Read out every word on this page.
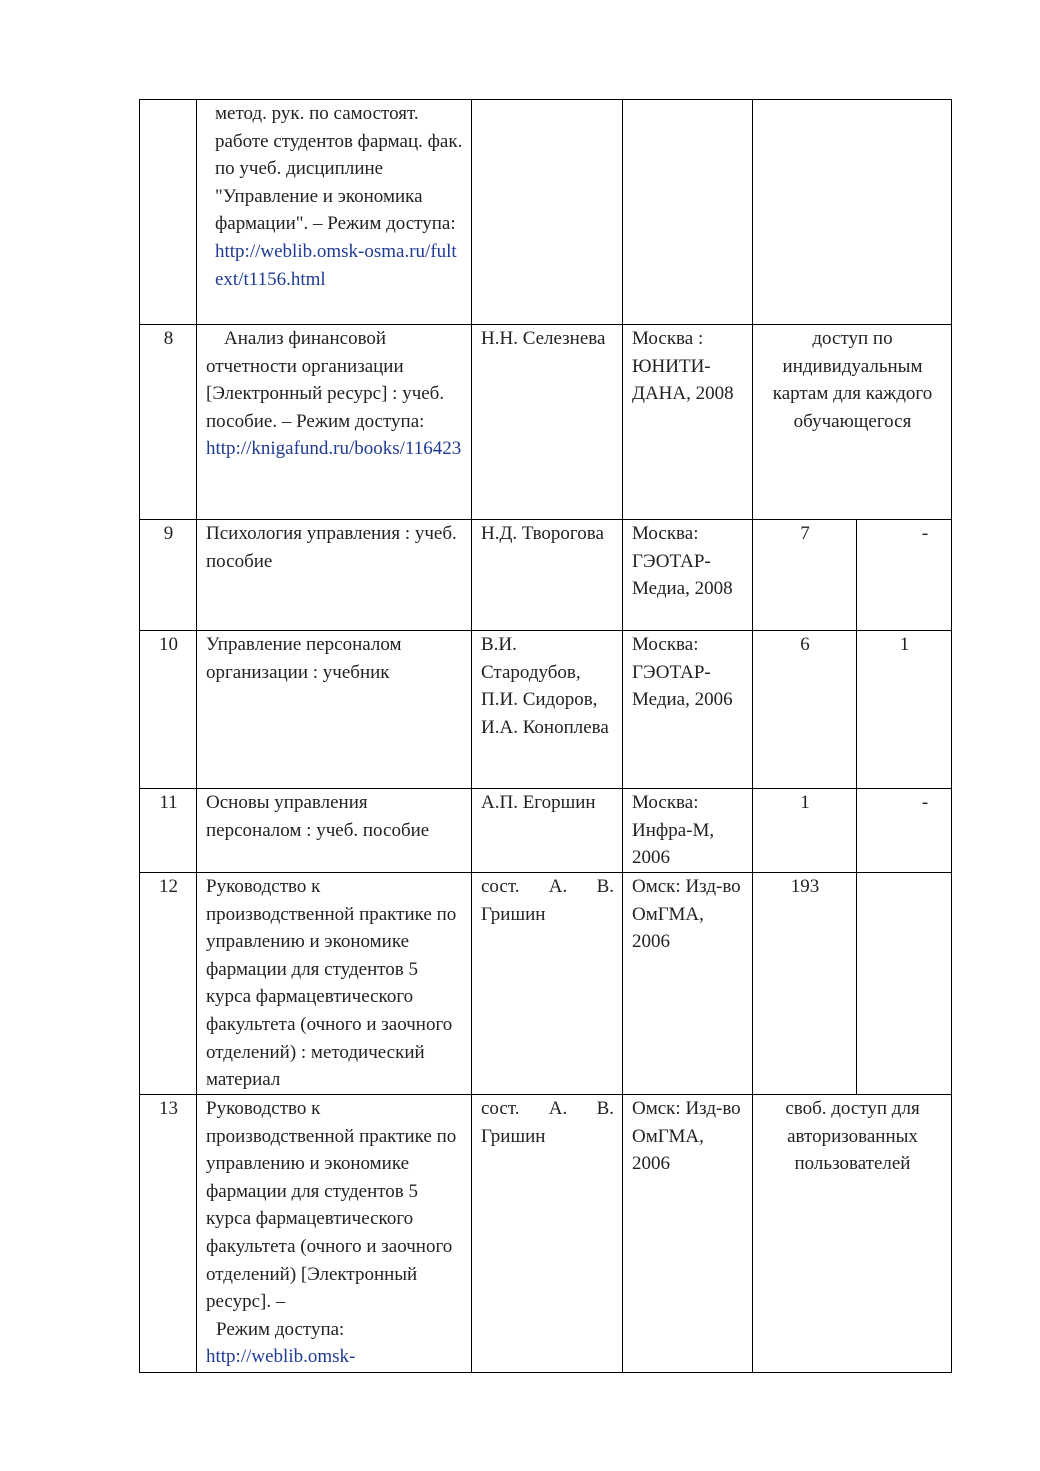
	метод. рук. по самостоят. работе студентов фармац. фак. по учеб. дисциплине "Управление и экономика фармации". – Режим доступа:
http://weblib.omsk-osma.ru/fultext/t1156.html				

8	Анализ финансовой отчетности организации [Электронный ресурс] : учеб. пособие. – Режим доступа:
http://knigafund.ru/books/116423	Н.Н. Селезнева	Москва : ЮНИТИ-ДАНА, 2008	доступ по индивидуальным картам для каждого обучающегося	
9	Психология управления : учеб. пособие	Н.Д. Творогова	Москва: ГЭОТАР-Медиа, 2008	7	-
10	Управление персоналом организации : учебник	В.И. Стародубов, П.И. Сидоров, И.А. Коноплева	Москва: ГЭОТАР-Медиа, 2006	6	1
11	Основы управления персоналом : учеб. пособие	А.П. Егоршин	Москва: Инфра-М, 2006	1	-
12	Руководство к производственной практике по управлению и экономике фармации для студентов 5 курса фармацевтического факультета (очного и заочного отделений) : методический материал	сост. А. В.
Гришин	Омск: Изд-во ОмГМА, 2006	193	
13	Руководство к производственной практике по управлению и экономике фармации для студентов 5 курса фармацевтического факультета (очного и заочного отделений) [Электронный ресурс]. –
Режим доступа:
http://weblib.omsk-	сост. А. В.
Гришин	Омск: Изд-во ОмГМА, 2006	своб. доступ для авторизованных пользователей	
